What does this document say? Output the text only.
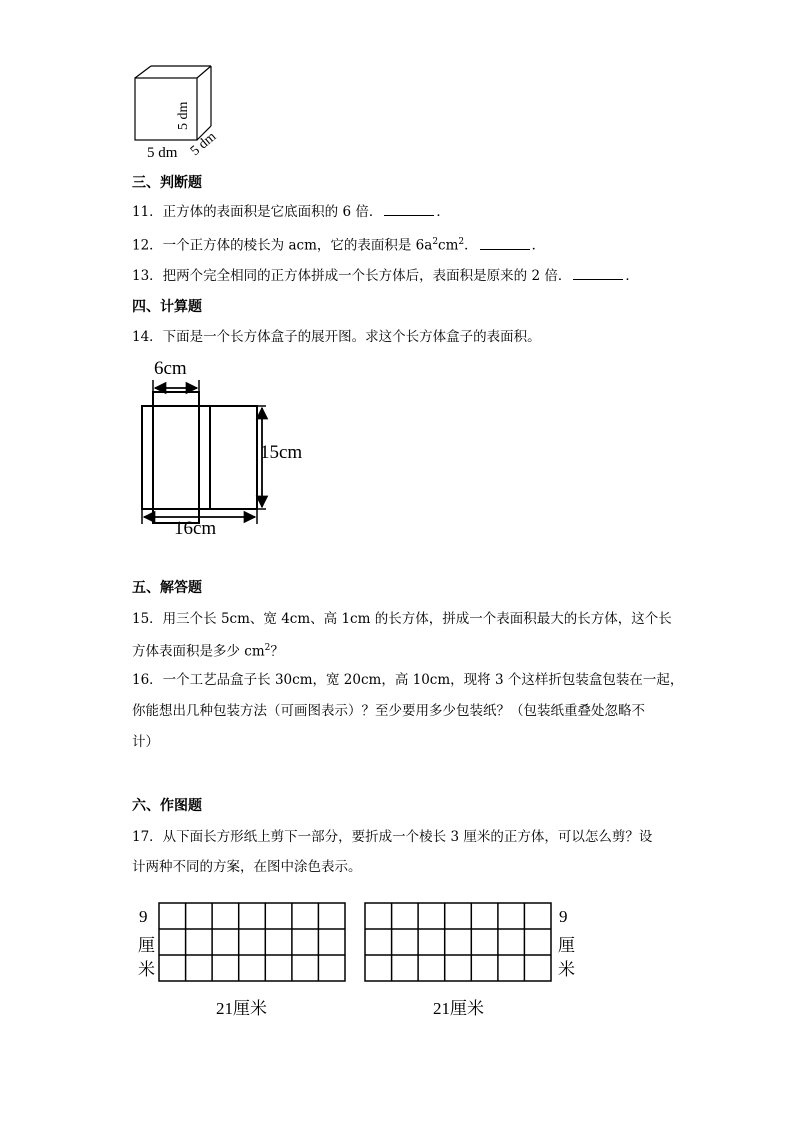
5 dm
5 dm 5 dm
三、判断题
11．正方体的表面积是它底面积的 6 倍．	．
12．一个正方体的棱长为 acm，它的表面积是 $6a^2cm^2$．	．
13．把两个完全相同的正方体拼成一个长方体后，表面积是原来的 2 倍．	．
四、计算题
14．下面是一个长方体盒子的展开图。求这个长方体盒子的表面积。
6cm
15cm
16cm
五、解答题
15．用三个长 5cm、宽 4cm、高 1cm 的长方体，拼成一个表面积最大的长方体，这个长
方体表面积是多少 $cm^2$？
16．一个工艺品盒子长 30cm，宽 20cm，高 10cm，现将 3 个这样折包装盒包装在一起，
你能想出几种包装方法（可画图表示）？至少要用多少包装纸？（包装纸重叠处忽略不
计）
六、作图题
17．从下面长方形纸上剪下一部分，要折成一个棱长 3 厘米的正方体，可以怎么剪？设
计两种不同的方案，在图中涂色表示。
9
厘
米
21厘米
9
厘
米
21厘米
